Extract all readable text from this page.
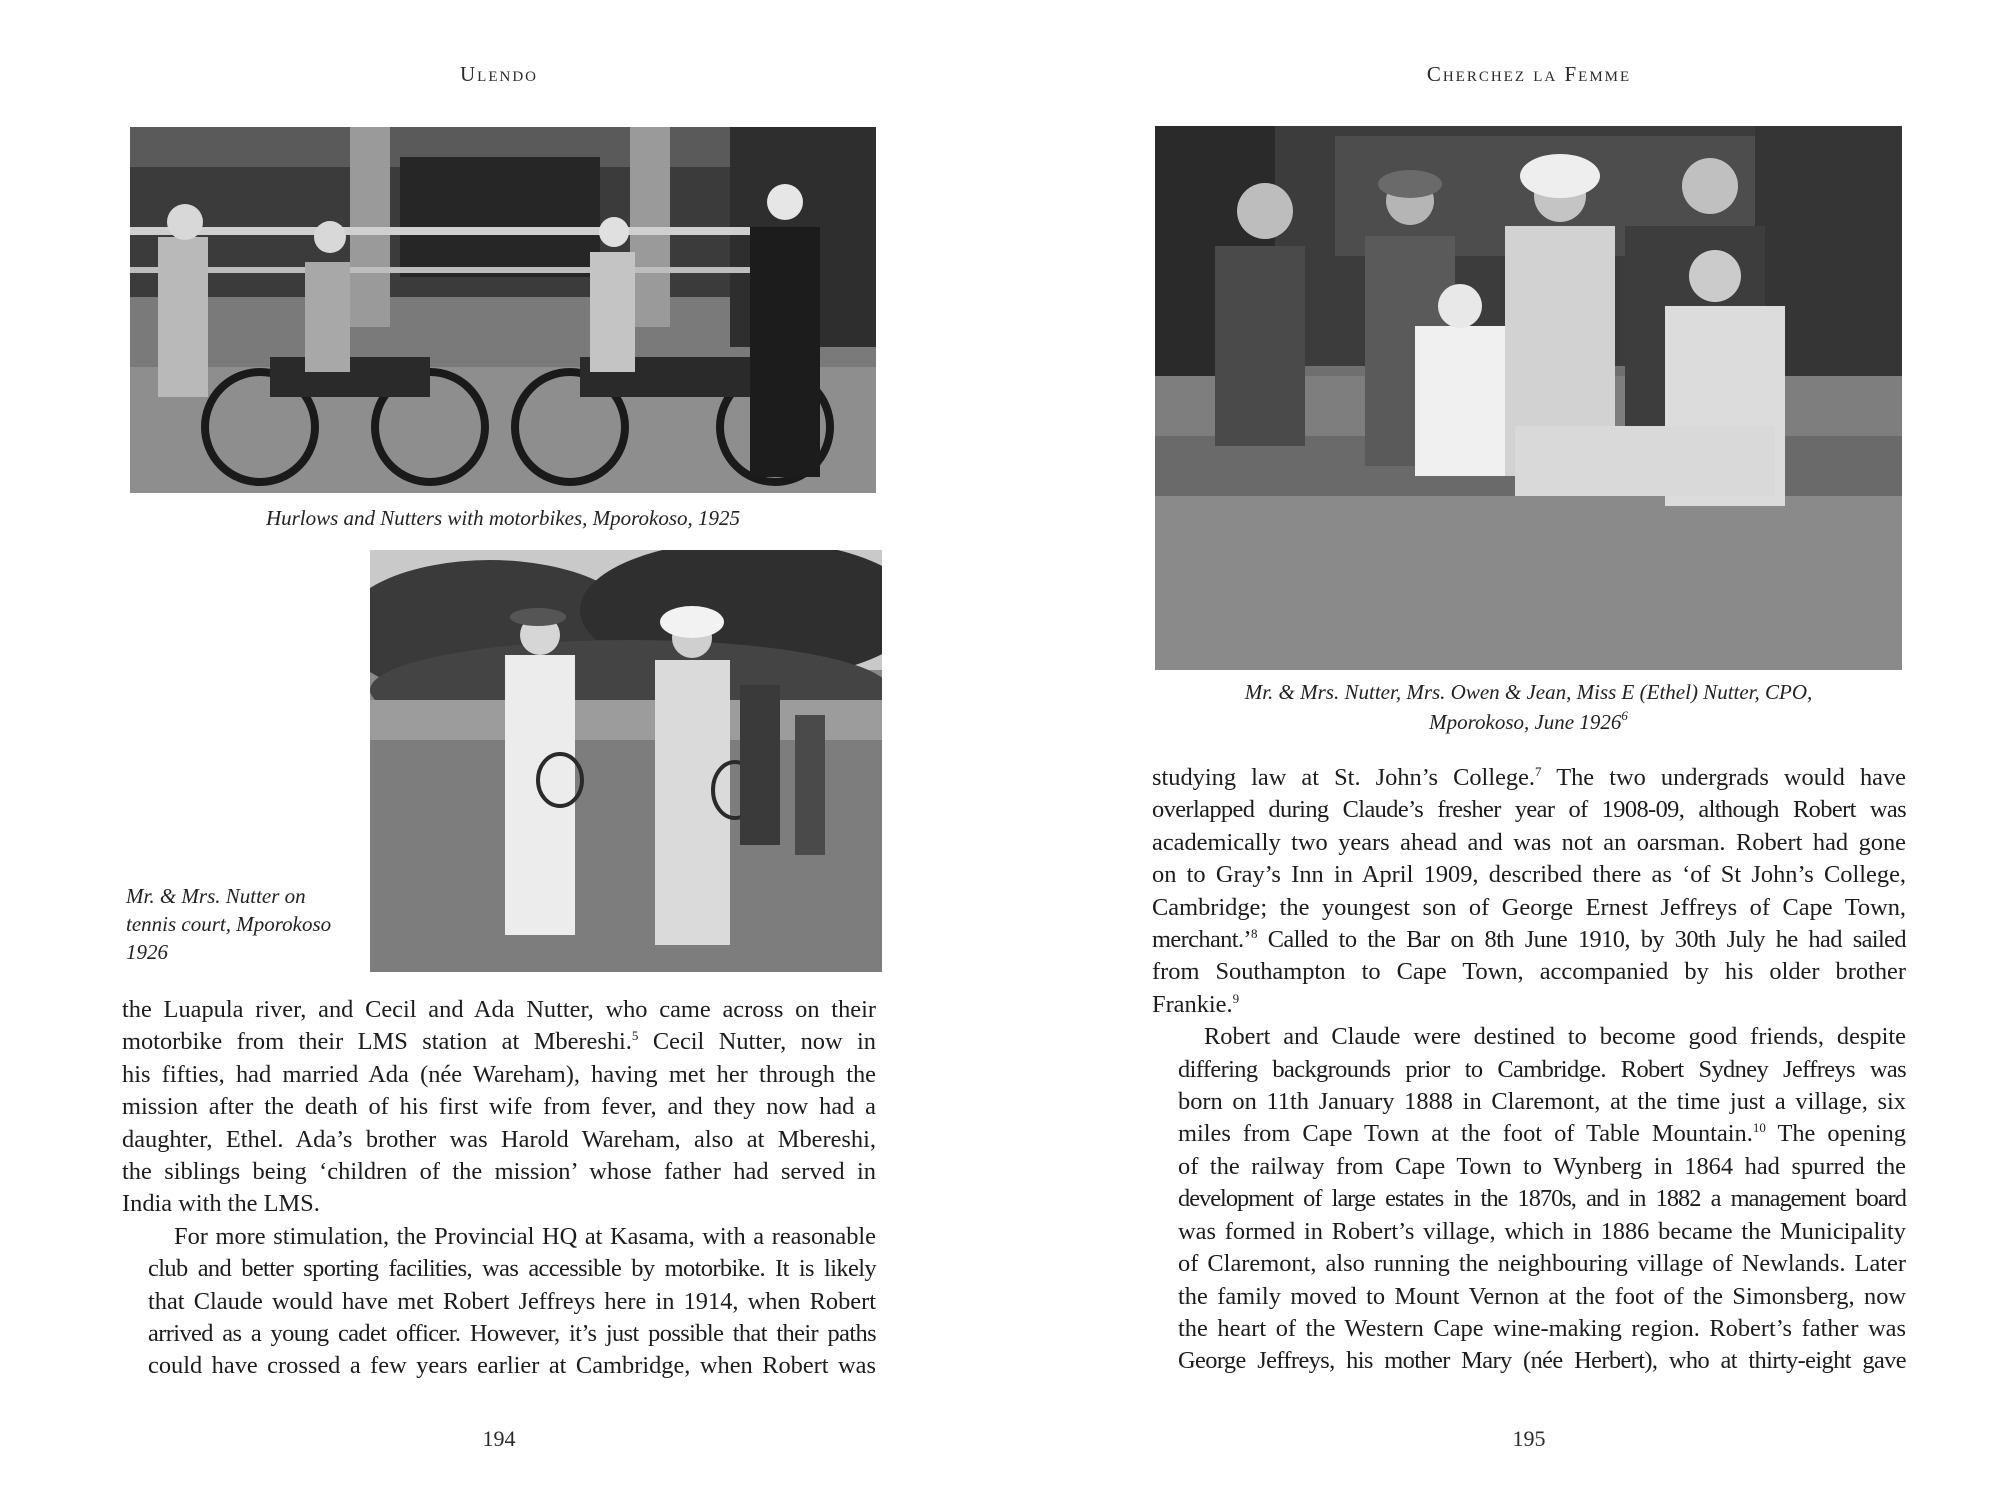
Ulendo
Hurlows and Nutters with motorbikes, Mporokoso, 1925
Mr. & Mrs. Nutter on
tennis court, Mporokoso
1926

the Luapula river, and Cecil and Ada Nutter, who came across on their
motorbike from their LMS station at Mbereshi.$^5$ Cecil Nutter, now in
his fifties, had married Ada (née Wareham), having met her through the
mission after the death of his first wife from fever, and they now had a
daughter, Ethel. Ada’s brother was Harold Wareham, also at Mbereshi,
the siblings being ‘children of the mission’ whose father had served in
India with the LMS.

For more stimulation, the Provincial HQ at Kasama, with a reasonable
club and better sporting facilities, was accessible by motorbike. It is likely
that Claude would have met Robert Jeffreys here in 1914, when Robert
arrived as a young cadet officer. However, it’s just possible that their paths
could have crossed a few years earlier at Cambridge, when Robert was

194
Cherchez la Femme
Mr. & Mrs. Nutter, Mrs. Owen & Jean, Miss E (Ethel) Nutter, CPO,
Mporokoso, June 1926$^6$

studying law at St. John’s College.$^7$ The two undergrads would have
overlapped during Claude’s fresher year of 1908-09, although Robert was
academically two years ahead and was not an oarsman. Robert had gone
on to Gray’s Inn in April 1909, described there as ‘of St John’s College,
Cambridge; the youngest son of George Ernest Jeffreys of Cape Town,
merchant.’$^8$ Called to the Bar on 8th June 1910, by 30th July he had sailed
from Southampton to Cape Town, accompanied by his older brother
Frankie.$^9$

Robert and Claude were destined to become good friends, despite
differing backgrounds prior to Cambridge. Robert Sydney Jeffreys was
born on 11th January 1888 in Claremont, at the time just a village, six
miles from Cape Town at the foot of Table Mountain.$^{10}$ The opening
of the railway from Cape Town to Wynberg in 1864 had spurred the
development of large estates in the 1870s, and in 1882 a management board
was formed in Robert’s village, which in 1886 became the Municipality
of Claremont, also running the neighbouring village of Newlands. Later
the family moved to Mount Vernon at the foot of the Simonsberg, now
the heart of the Western Cape wine-making region. Robert’s father was
George Jeffreys, his mother Mary (née Herbert), who at thirty-eight gave

195
